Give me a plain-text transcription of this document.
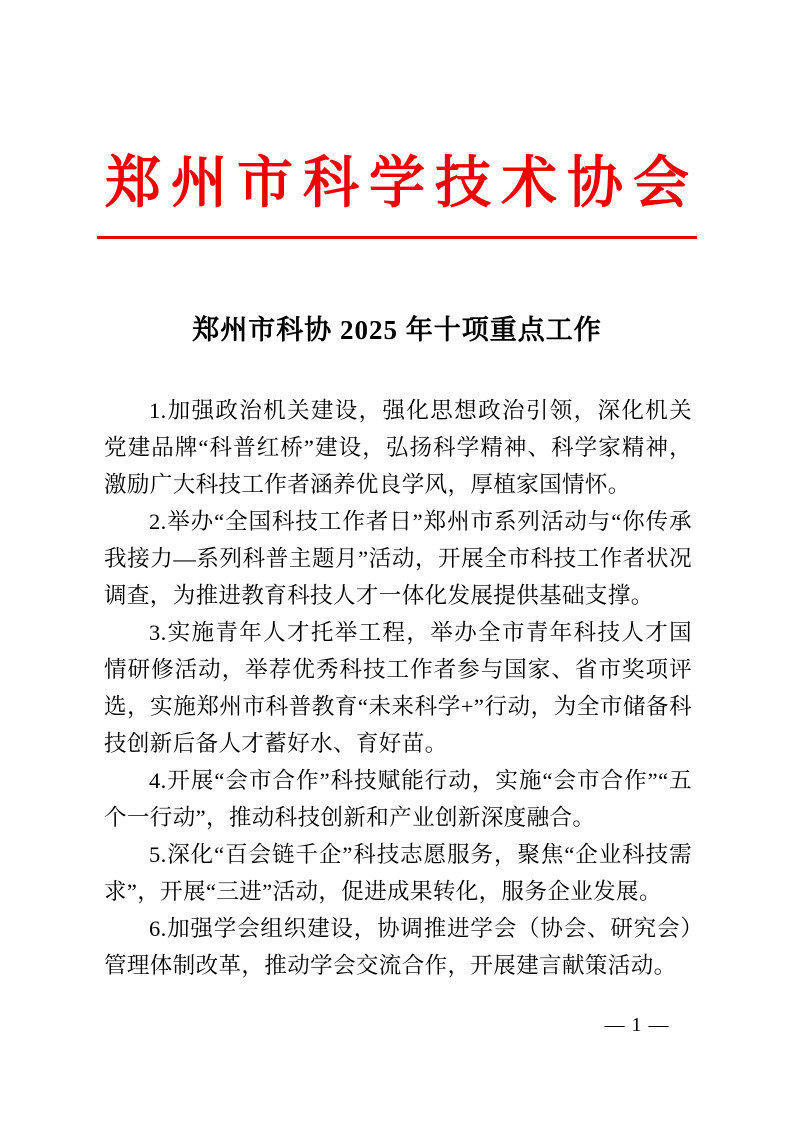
郑州市科学技术协会
郑州市科协 2025 年十项重点工作

1.加强政治机关建设，强化思想政治引领，深化机关党建品牌“科普红桥”建设，弘扬科学精神、科学家精神，激励广大科技工作者涵养优良学风，厚植家国情怀。

2.举办“全国科技工作者日”郑州市系列活动与“你传承 我接力—系列科普主题月”活动，开展全市科技工作者状况调查，为推进教育科技人才一体化发展提供基础支撑。

3.实施青年人才托举工程，举办全市青年科技人才国情研修活动，举荐优秀科技工作者参与国家、省市奖项评选，实施郑州市科普教育“未来科学+”行动，为全市储备科技创新后备人才蓄好水、育好苗。

4.开展“会市合作”科技赋能行动，实施“会市合作”“五个一行动”，推动科技创新和产业创新深度融合。

5.深化“百会链千企”科技志愿服务，聚焦“企业科技需求”，开展“三进”活动，促进成果转化，服务企业发展。

6.加强学会组织建设，协调推进学会（协会、研究会）管理体制改革，推动学会交流合作，开展建言献策活动。

— 1 —
